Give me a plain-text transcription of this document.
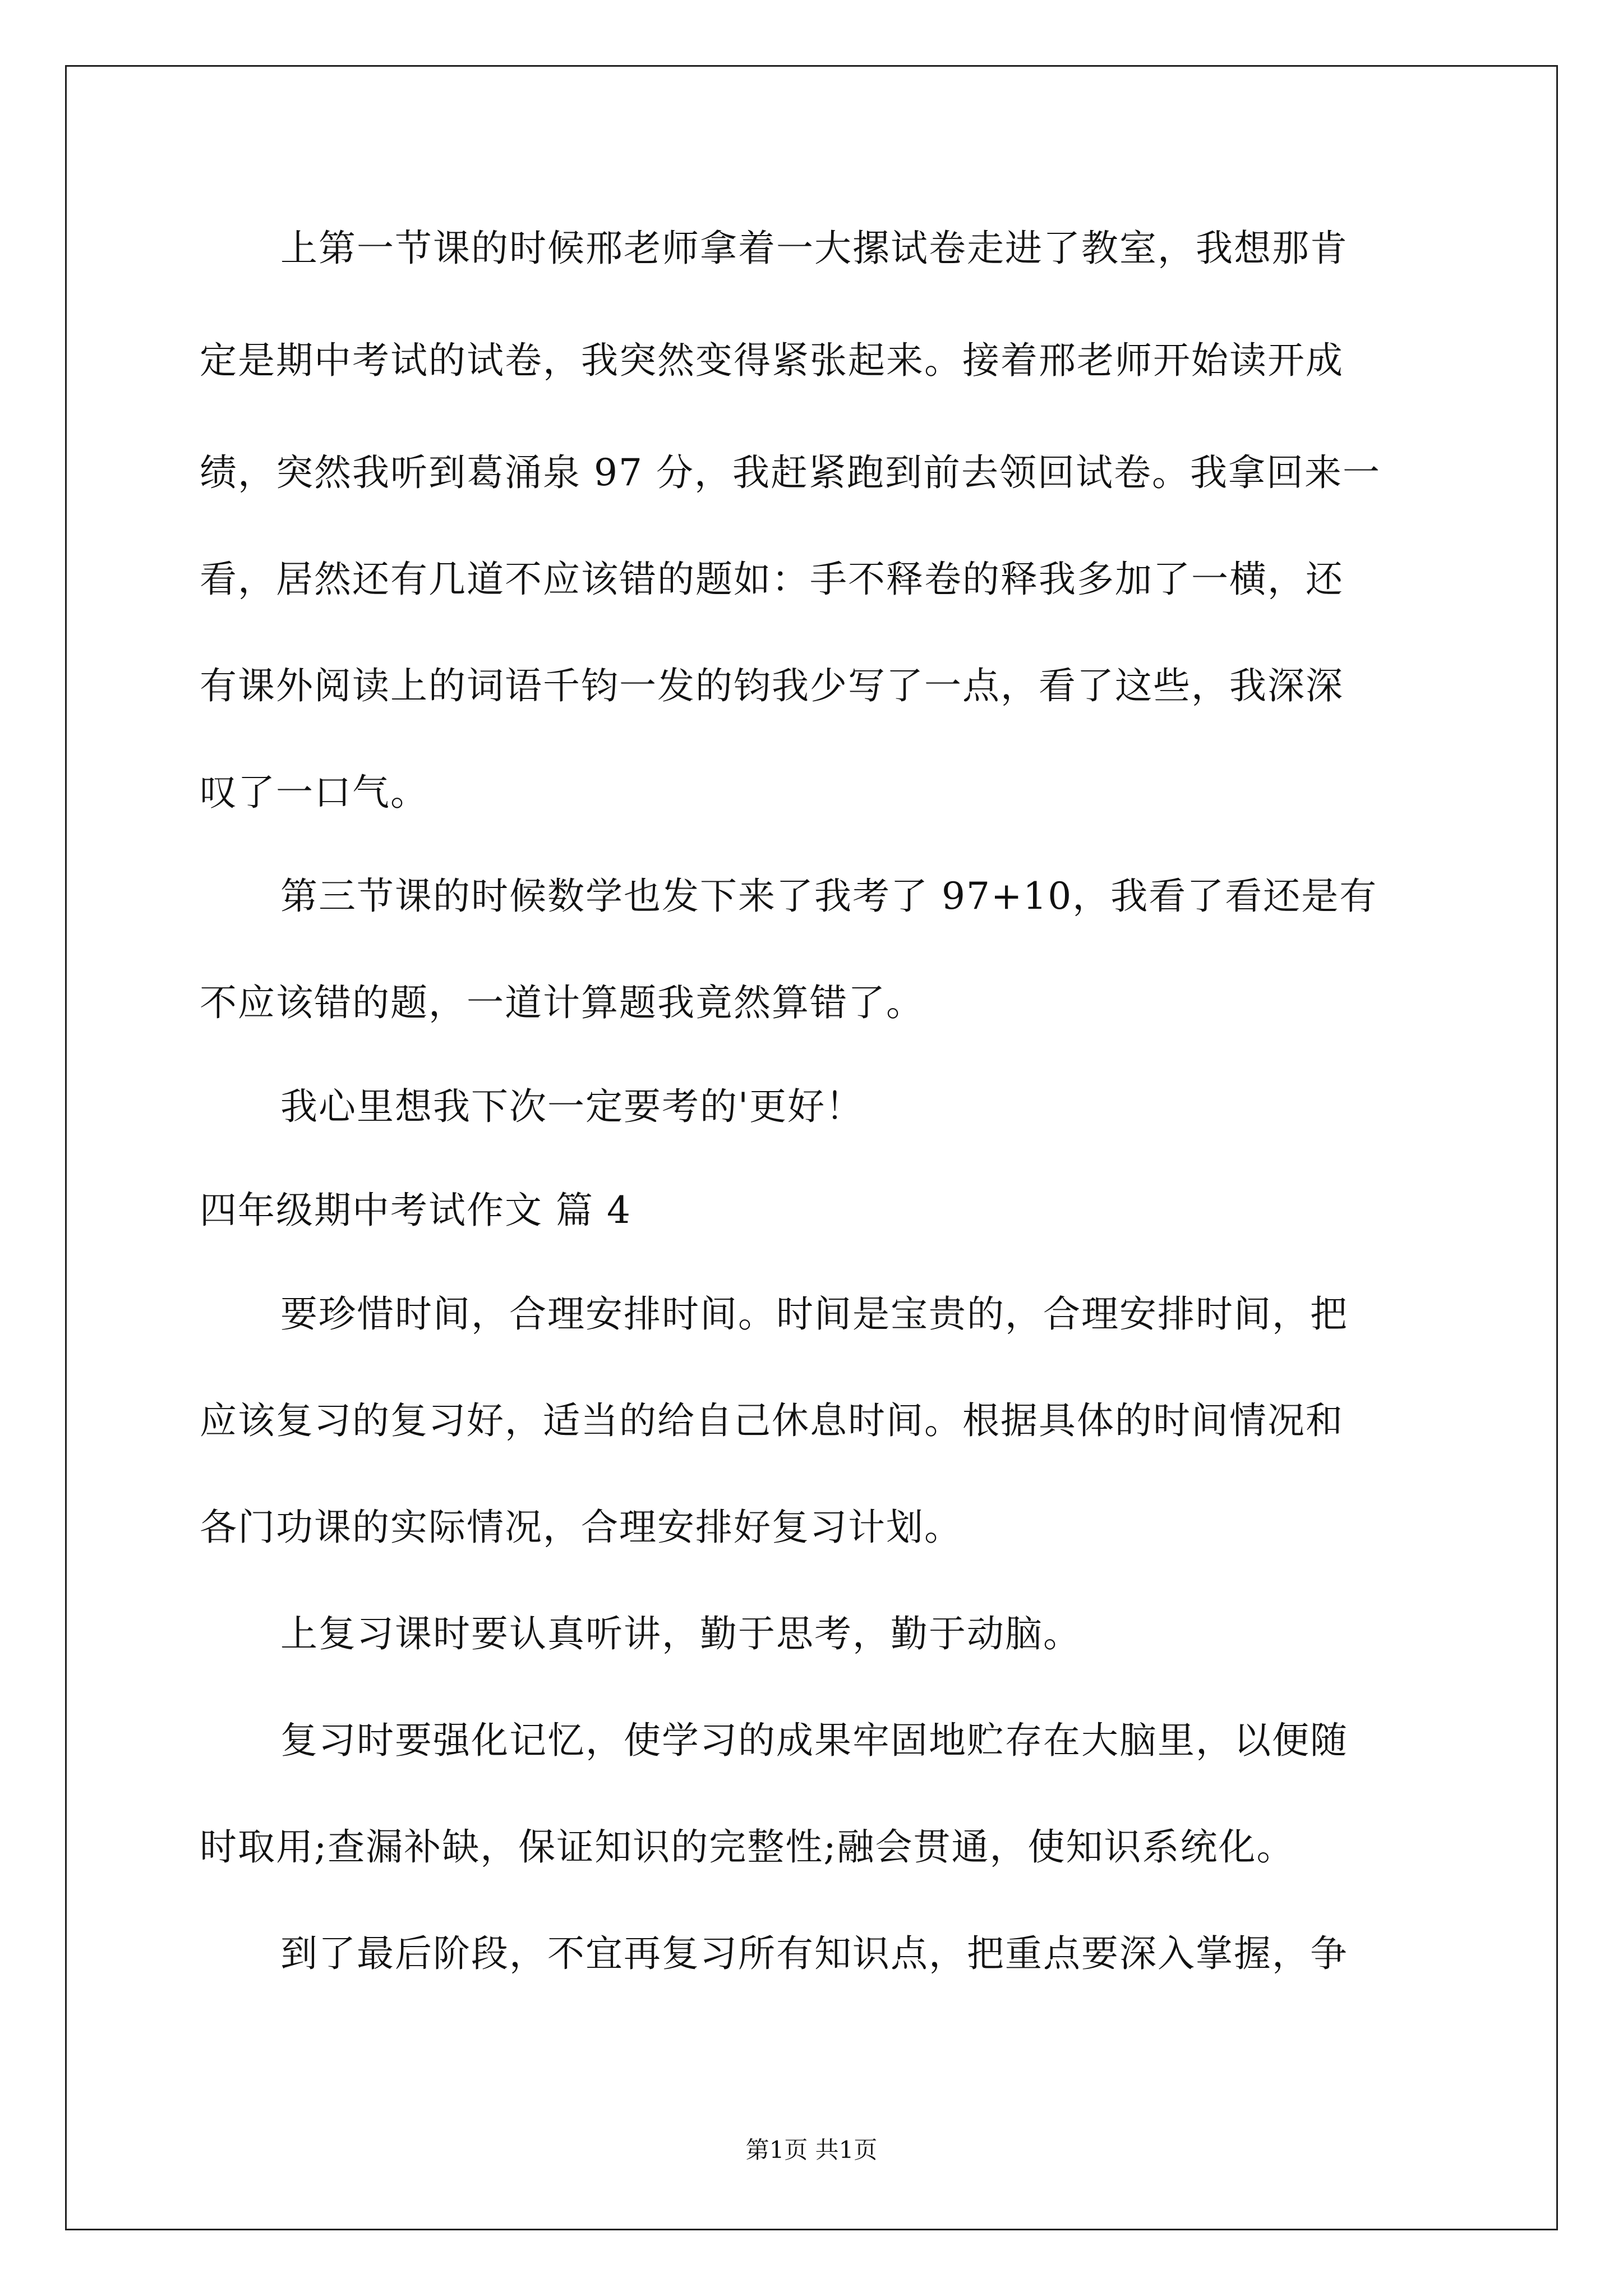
上第一节课的时候邢老师拿着一大摞试卷走进了教室，我想那肯
定是期中考试的试卷，我突然变得紧张起来。接着邢老师开始读开成
绩，突然我听到葛涌泉 97 分，我赶紧跑到前去领回试卷。我拿回来一
看，居然还有几道不应该错的题如：手不释卷的释我多加了一横，还
有课外阅读上的词语千钧一发的钧我少写了一点，看了这些，我深深
叹了一口气。
第三节课的时候数学也发下来了我考了 97+10，我看了看还是有
不应该错的题，一道计算题我竟然算错了。
我心里想我下次一定要考的'更好！
四年级期中考试作文 篇 4
要珍惜时间，合理安排时间。时间是宝贵的，合理安排时间，把
应该复习的复习好，适当的给自己休息时间。根据具体的时间情况和
各门功课的实际情况，合理安排好复习计划。
上复习课时要认真听讲，勤于思考，勤于动脑。
复习时要强化记忆，使学习的成果牢固地贮存在大脑里，以便随
时取用;查漏补缺，保证知识的完整性;融会贯通，使知识系统化。
到了最后阶段，不宜再复习所有知识点，把重点要深入掌握，争
第1页 共1页
